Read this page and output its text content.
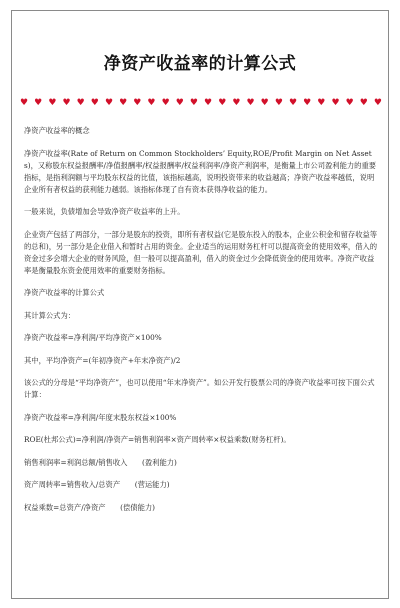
净资产收益率的计算公式
♥ ♥ ♥ ♥ ♥ ♥ ♥ ♥ ♥ ♥ ♥ ♥ ♥ ♥ ♥ ♥ ♥ ♥ ♥ ♥ ♥ ♥ ♥ ♥ ♥ ♥

净资产收益率的概念

净资产收益率(Rate of Return on Common Stockholders’ Equity,ROE/Profit Margin on Net Assets)，又称股东权益报酬率/净值报酬率/权益报酬率/权益利润率/净资产利润率，是衡量上市公司盈利能力的重要指标，是指利润额与平均股东权益的比值，该指标越高，说明投资带来的收益越高；净资产收益率越低，说明企业所有者权益的获利能力越弱。该指标体现了自有资本获得净收益的能力。

一般来说，负债增加会导致净资产收益率的上升。

企业资产包括了两部分，一部分是股东的投资，即所有者权益(它是股东投入的股本，企业公积金和留存收益等的总和)，另一部分是企业借入和暂时占用的资金。企业适当的运用财务杠杆可以提高资金的使用效率，借入的资金过多会增大企业的财务风险，但一般可以提高盈利，借入的资金过少会降低资金的使用效率。净资产收益率是衡量股东资金使用效率的重要财务指标。

净资产收益率的计算公式

其计算公式为：

净资产收益率=净利润/平均净资产×100%

其中，平均净资产=(年初净资产+年末净资产)/2

该公式的分母是“平均净资产”，也可以使用“年末净资产”。如公开发行股票公司的净资产收益率可按下面公式计算：

净资产收益率=净利润/年度末股东权益×100%

ROE(杜邦公式)=净利润/净资产=销售利润率×资产周转率×权益乘数(财务杠杆)。

销售利润率=利润总额/销售收入　　(盈利能力)

资产周转率=销售收入/总资产　　(营运能力)

权益乘数=总资产/净资产　　(偿债能力)
